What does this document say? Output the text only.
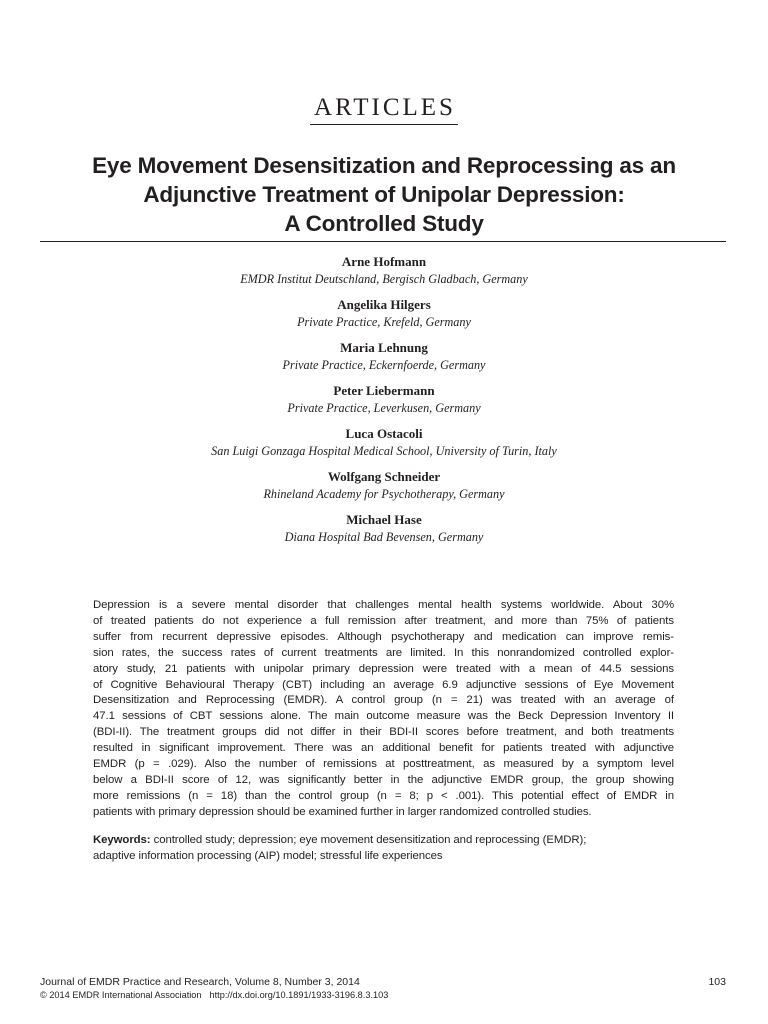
ARTICLES
Eye Movement Desensitization and Reprocessing as an
Adjunctive Treatment of Unipolar Depression:
A Controlled Study
Arne Hofmann
EMDR Institut Deutschland, Bergisch Gladbach, Germany
Angelika Hilgers
Private Practice, Krefeld, Germany
Maria Lehnung
Private Practice, Eckernfoerde, Germany
Peter Liebermann
Private Practice, Leverkusen, Germany
Luca Ostacoli
San Luigi Gonzaga Hospital Medical School, University of Turin, Italy
Wolfgang Schneider
Rhineland Academy for Psychotherapy, Germany
Michael Hase
Diana Hospital Bad Bevensen, Germany
Depression is a severe mental disorder that challenges mental health systems worldwide. About 30%
of treated patients do not experience a full remission after treatment, and more than 75% of patients
suffer from recurrent depressive episodes. Although psychotherapy and medication can improve remis-
sion rates, the success rates of current treatments are limited. In this nonrandomized controlled explor-
atory study, 21 patients with unipolar primary depression were treated with a mean of 44.5 sessions
of Cognitive Behavioural Therapy (CBT) including an average 6.9 adjunctive sessions of Eye Movement
Desensitization and Reprocessing (EMDR). A control group (n = 21) was treated with an average of
47.1 sessions of CBT sessions alone. The main outcome measure was the Beck Depression Inventory II
(BDI-II). The treatment groups did not differ in their BDI-II scores before treatment, and both treatments
resulted in significant improvement. There was an additional benefit for patients treated with adjunctive
EMDR (p = .029). Also the number of remissions at posttreatment, as measured by a symptom level
below a BDI-II score of 12, was significantly better in the adjunctive EMDR group, the group showing
more remissions (n = 18) than the control group (n = 8; p < .001). This potential effect of EMDR in
patients with primary depression should be examined further in larger randomized controlled studies.
Keywords: controlled study; depression; eye movement desensitization and reprocessing (EMDR);
adaptive information processing (AIP) model; stressful life experiences
Journal of EMDR Practice and Research, Volume 8, Number 3, 2014	103
© 2014 EMDR International Association http://dx.doi.org/10.1891/1933-3196.8.3.103
